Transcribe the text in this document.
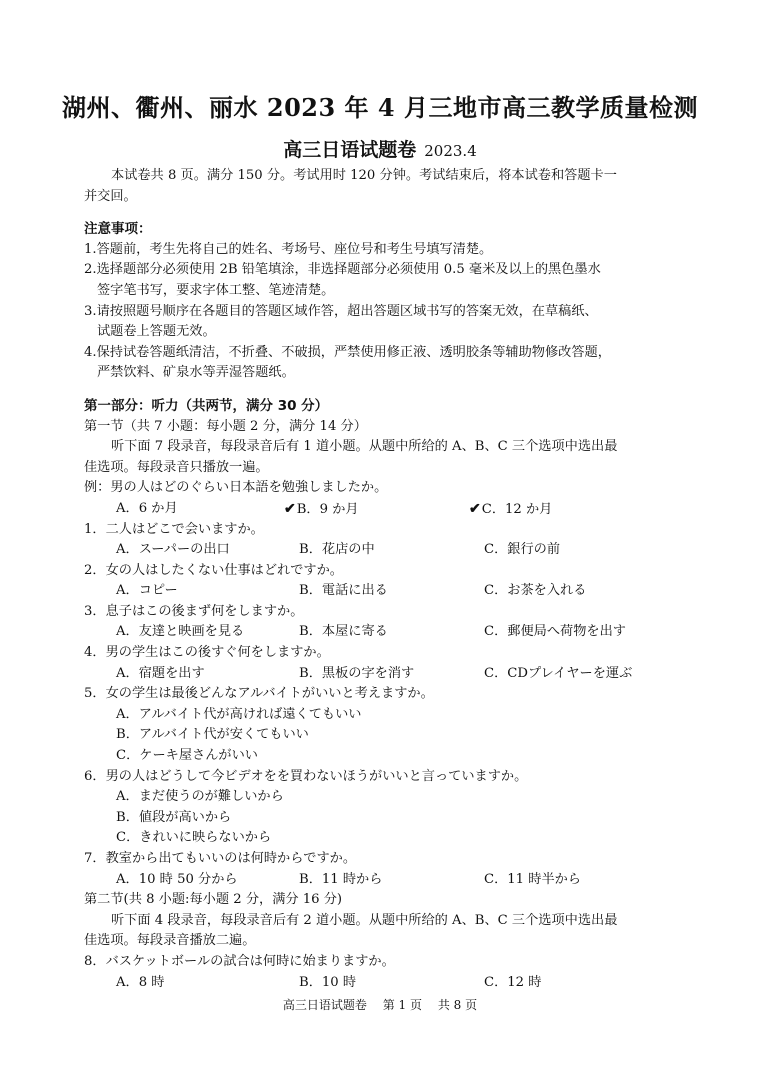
湖州、衢州、丽水 2023 年 4 月三地市高三教学质量检测
高三日语试题卷 2023.4
本试卷共 8 页。满分 150 分。考试用时 120 分钟。考试结束后，将本试卷和答题卡一
并交回。
注意事项：
1.答题前，考生先将自己的姓名、考场号、座位号和考生号填写清楚。
2.选择题部分必须使用 2B 铅笔填涂，非选择题部分必须使用 0.5 毫米及以上的黑色墨水
签字笔书写，要求字体工整、笔迹清楚。
3.请按照题号顺序在各题目的答题区域作答，超出答题区域书写的答案无效，在草稿纸、
试题卷上答题无效。
4.保持试卷答题纸清洁，不折叠、不破损，严禁使用修正液、透明胶条等辅助物修改答题，
严禁饮料、矿泉水等弄湿答题纸。
第一部分：听力（共两节，满分 30 分）
第一节（共 7 小题：每小题 2 分，满分 14 分）
听下面 7 段录音，每段录音后有 1 道小题。从题中所给的 A、B、C 三个选项中选出最
佳选项。每段录音只播放一遍。
例：男の人はどのぐらい日本語を勉強しましたか。
A．6 か月	✔B．9 か月	✔C．12 か月
1．二人はどこで会いますか。
A．スーパーの出口	B．花店の中	C．銀行の前
2．女の人はしたくない仕事はどれですか。
A．コピー	B．電話に出る	C．お茶を入れる
3．息子はこの後まず何をしますか。
A．友達と映画を見る	B．本屋に寄る	C．郵便局へ荷物を出す
4．男の学生はこの後すぐ何をしますか。
A．宿題を出す	B．黒板の字を消す	C．CDプレイヤーを運ぶ
5．女の学生は最後どんなアルバイトがいいと考えますか。
A．アルバイト代が高ければ遠くてもいい
B．アルバイト代が安くてもいい
C．ケーキ屋さんがいい
6．男の人はどうして今ビデオをを買わないほうがいいと言っていますか。
A．まだ使うのが難しいから
B．値段が高いから
C．きれいに映らないから
7．教室から出てもいいのは何時からですか。
A．10 時 50 分から	B．11 時から	C．11 時半から
第二节(共 8 小题:每小题 2 分，满分 16 分)
听下面 4 段录音，每段录音后有 2 道小题。从题中所给的 A、B、C 三个选项中选出最
佳选项。每段录音播放二遍。
8．バスケットボールの試合は何時に始まりますか。
A．8 時	B．10 時	C．12 時
高三日语试题卷 第 1 页 共 8 页
